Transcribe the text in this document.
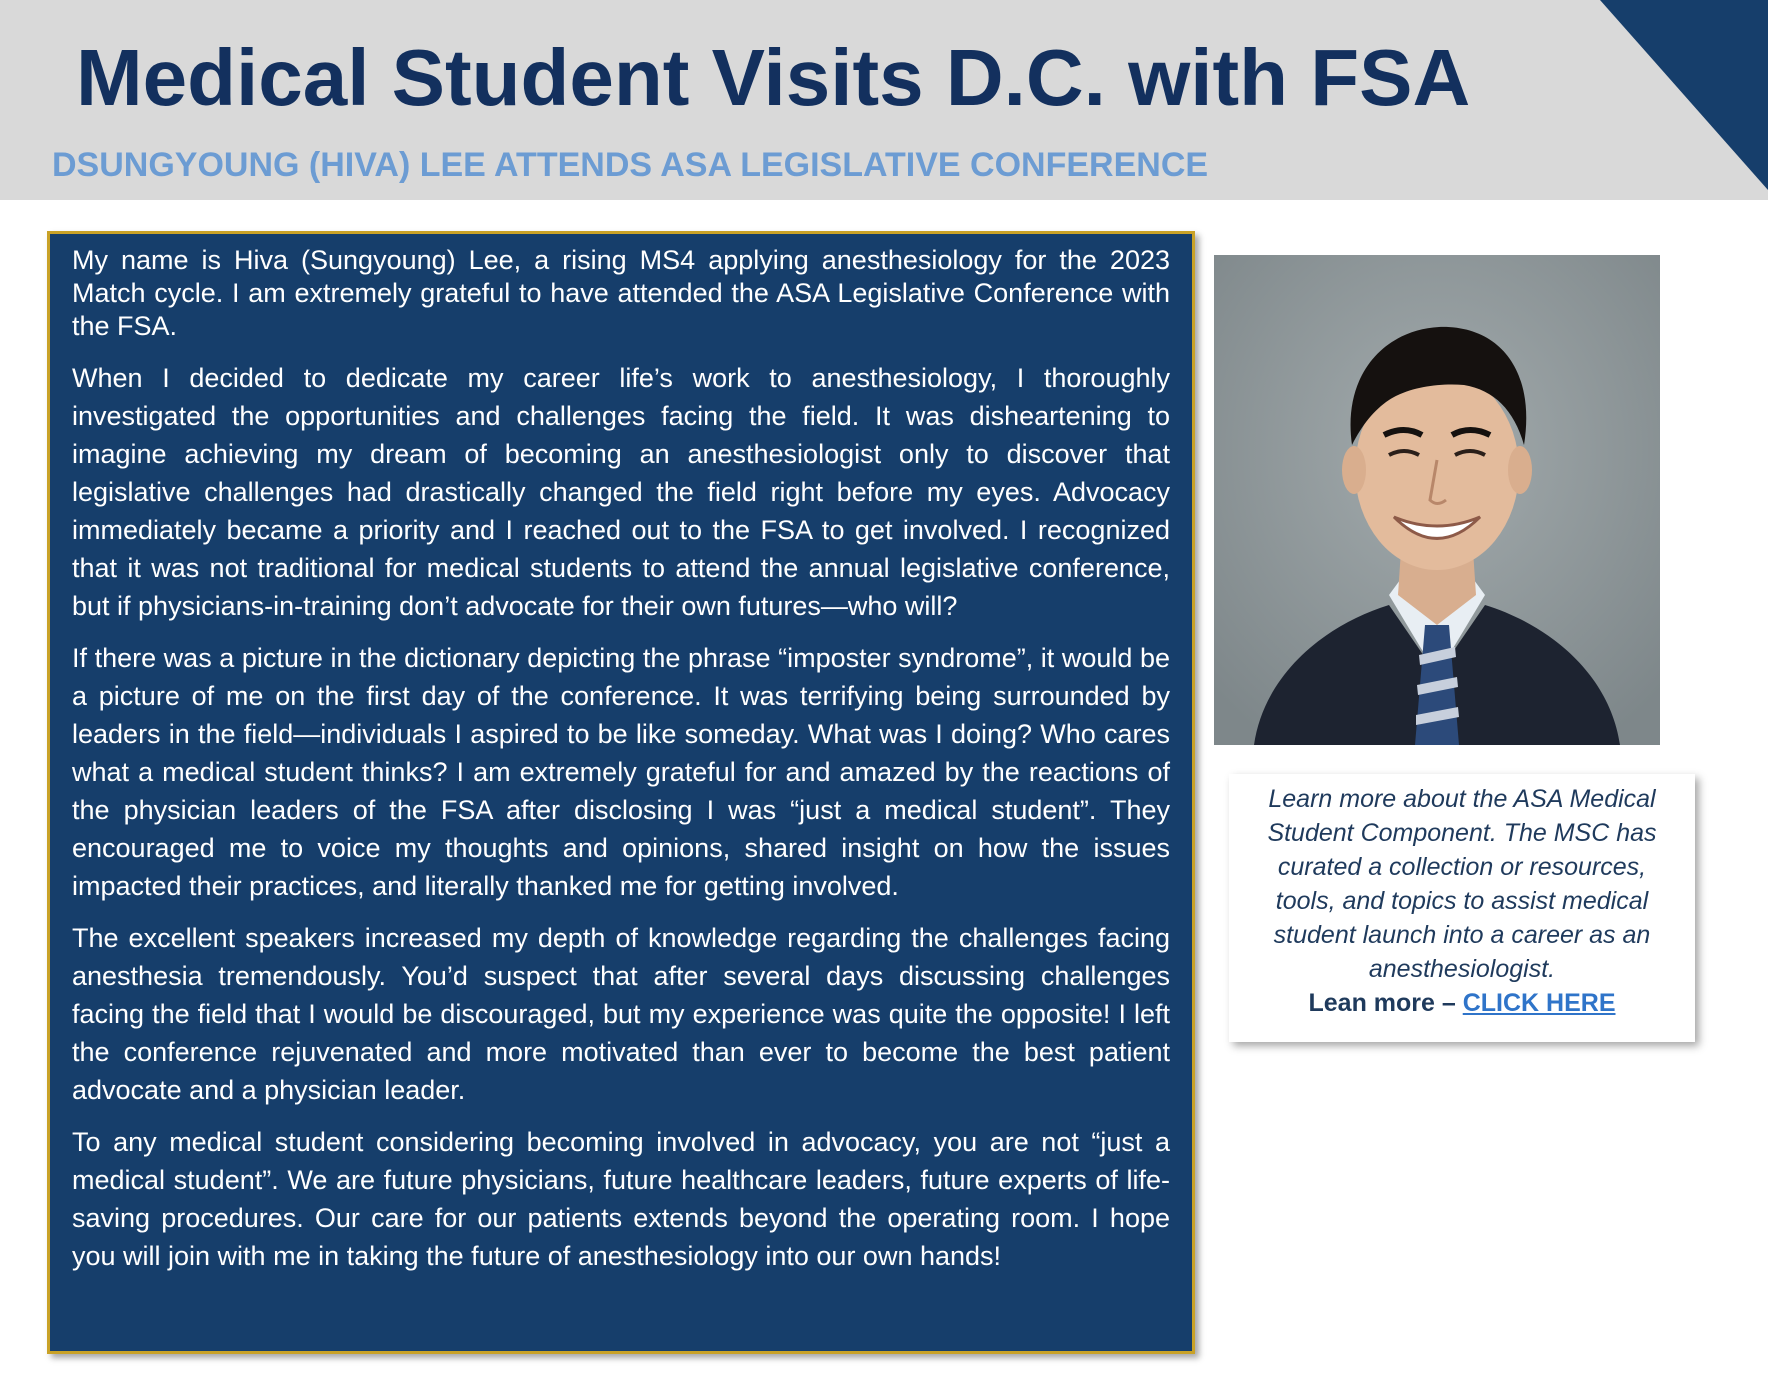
Medical Student Visits D.C. with FSA
DSUNGYOUNG (HIVA) LEE ATTENDS ASA LEGISLATIVE CONFERENCE

My name is Hiva (Sungyoung) Lee, a rising MS4 applying anesthesiology for the 2023 Match cycle. I am extremely grateful to have attended the ASA Legislative Conference with the FSA.

When I decided to dedicate my career life’s work to anesthesiology, I thoroughly investigated the opportunities and challenges facing the field. It was disheartening to imagine achieving my dream of becoming an anesthesiologist only to discover that legislative challenges had drastically changed the field right before my eyes. Advocacy immediately became a priority and I reached out to the FSA to get involved. I recognized that it was not traditional for medical students to attend the annual legislative conference, but if physicians-in-training don’t advocate for their own futures—who will?

If there was a picture in the dictionary depicting the phrase “imposter syndrome”, it would be a picture of me on the first day of the conference. It was terrifying being surrounded by leaders in the field—individuals I aspired to be like someday. What was I doing? Who cares what a medical student thinks? I am extremely grateful for and amazed by the reactions of the physician leaders of the FSA after disclosing I was “just a medical student”. They encouraged me to voice my thoughts and opinions, shared insight on how the issues impacted their practices, and literally thanked me for getting involved.

The excellent speakers increased my depth of knowledge regarding the challenges facing anesthesia tremendously. You’d suspect that after several days discussing challenges facing the field that I would be discouraged, but my experience was quite the opposite! I left the conference rejuvenated and more motivated than ever to become the best patient advocate and a physician leader.

To any medical student considering becoming involved in advocacy, you are not “just a medical student”. We are future physicians, future healthcare leaders, future experts of life-saving procedures. Our care for our patients extends beyond the operating room. I hope you will join with me in taking the future of anesthesiology into our own hands!

Learn more about the ASA Medical Student Component. The MSC has curated a collection or resources, tools, and topics to assist medical student launch into a career as an anesthesiologist.

Lean more – CLICK HERE
